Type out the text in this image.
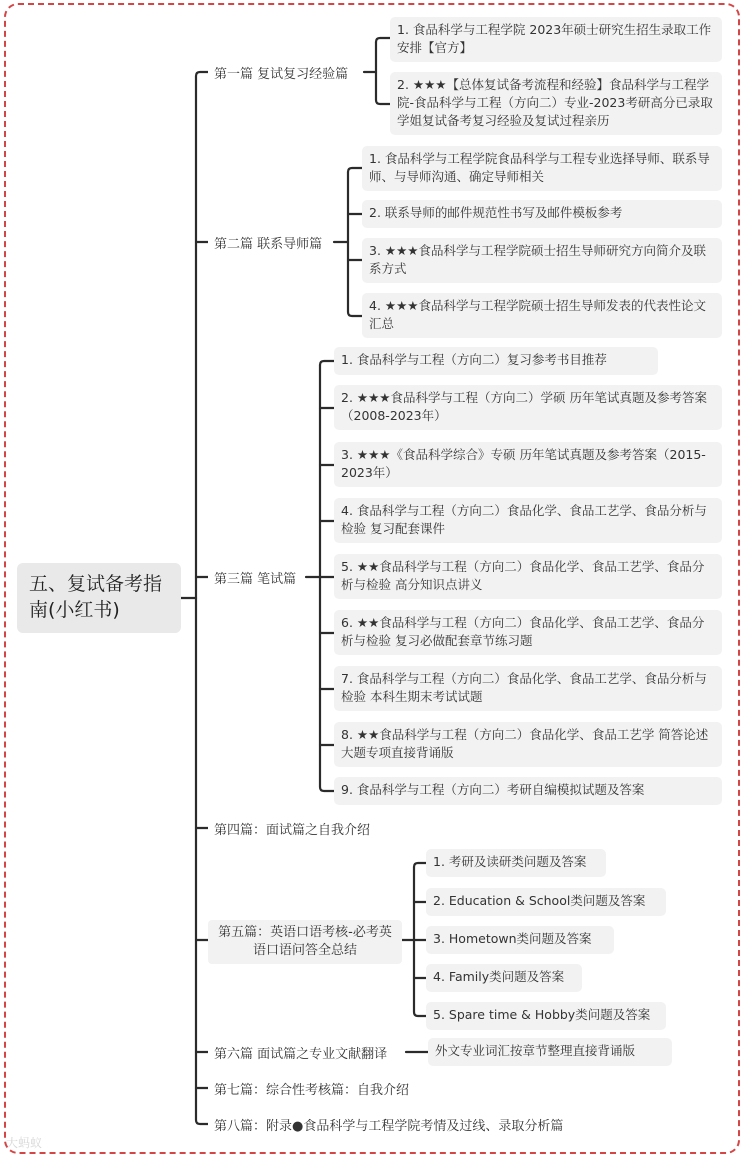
五、复试备考指南(小红书)
第一篇 复试复习经验篇
1. 食品科学与工程学院 2023年硕士研究生招生录取工作安排【官方】
2. ★★★【总体复试备考流程和经验】食品科学与工程学院-食品科学与工程（方向二）专业-2023考研高分已录取学姐复试备考复习经验及复试过程亲历
第二篇 联系导师篇
1. 食品科学与工程学院食品科学与工程专业选择导师、联系导师、与导师沟通、确定导师相关
2. 联系导师的邮件规范性书写及邮件模板参考
3. ★★★食品科学与工程学院硕士招生导师研究方向简介及联系方式
4. ★★★食品科学与工程学院硕士招生导师发表的代表性论文汇总
第三篇 笔试篇
1. 食品科学与工程（方向二）复习参考书目推荐
2. ★★★食品科学与工程（方向二）学硕 历年笔试真题及参考答案（2008-2023年）
3. ★★★《食品科学综合》专硕 历年笔试真题及参考答案（2015-2023年）
4. 食品科学与工程（方向二）食品化学、食品工艺学、食品分析与检验 复习配套课件
5. ★★食品科学与工程（方向二）食品化学、食品工艺学、食品分析与检验 高分知识点讲义
6. ★★食品科学与工程（方向二）食品化学、食品工艺学、食品分析与检验 复习必做配套章节练习题
7. 食品科学与工程（方向二）食品化学、食品工艺学、食品分析与检验 本科生期末考试试题
8. ★★食品科学与工程（方向二）食品化学、食品工艺学 简答论述大题专项直接背诵版
9. 食品科学与工程（方向二）考研自编模拟试题及答案
第四篇：面试篇之自我介绍
第五篇：英语口语考核-必考英语口语问答全总结
1. 考研及读研类问题及答案
2. Education & School类问题及答案
3. Hometown类问题及答案
4. Family类问题及答案
5. Spare time & Hobby类问题及答案
第六篇 面试篇之专业文献翻译	外文专业词汇按章节整理直接背诵版
第七篇：综合性考核篇：自我介绍
第八篇：附录●食品科学与工程学院考情及过线、录取分析篇
大蚂蚁
